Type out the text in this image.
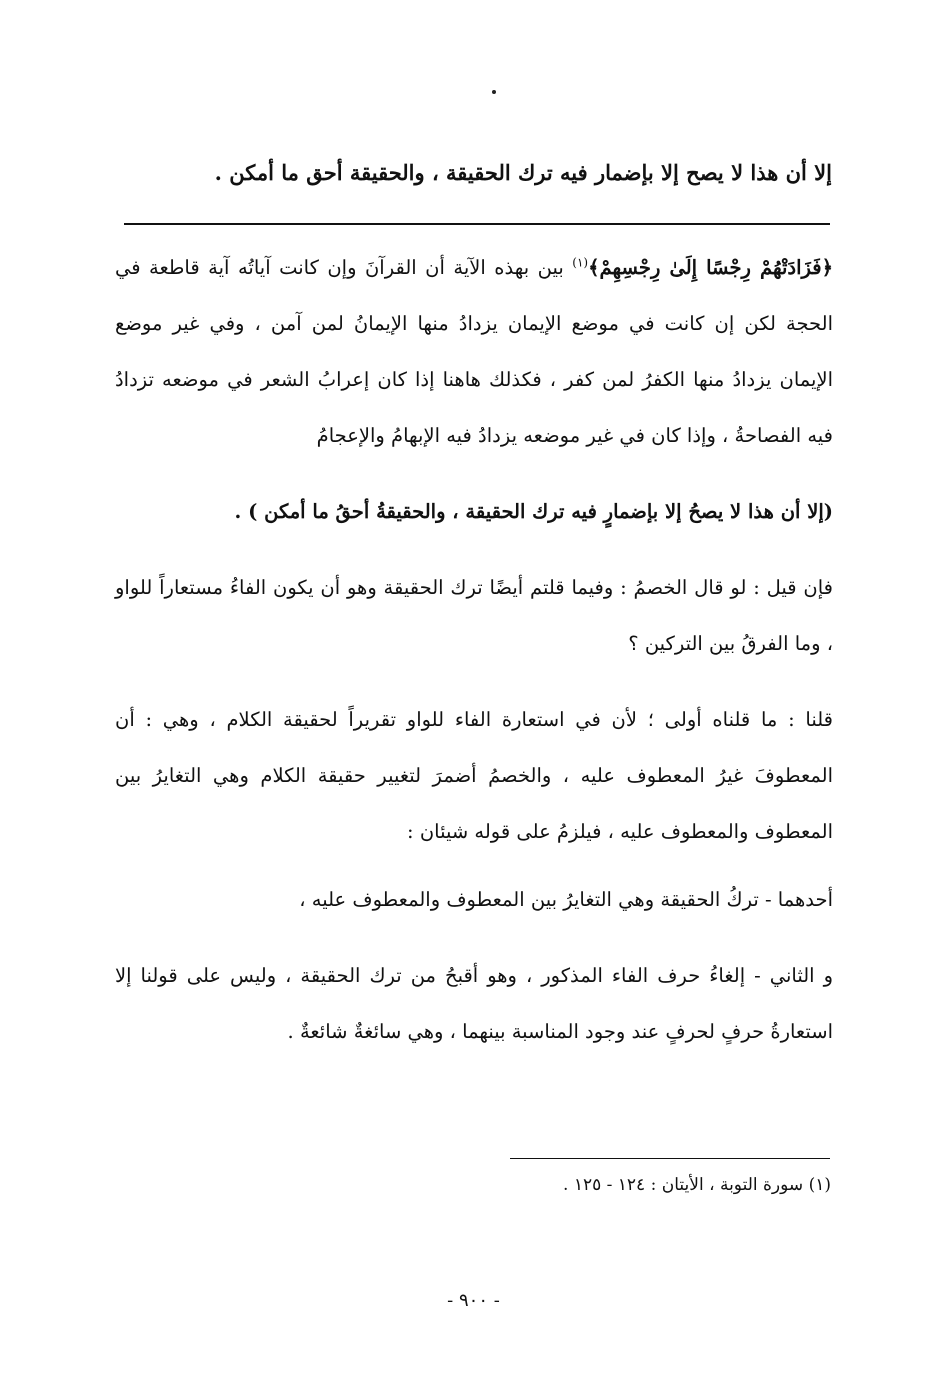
إلا أن هذا لا يصح إلا بإضمار فيه ترك الحقيقة ، والحقيقة أحق ما أمكن .

﴿فَزَادَتْهُمْ رِجْسًا إِلَىٰ رِجْسِهِمْ﴾$^{(١)}$ بين بهذه الآية أن القرآنَ وإن كانت آياتُه آية قاطعة في الحجة لكن إن كانت في موضع الإيمان يزدادُ منها الإيمانُ لمن آمن ، وفي غير موضع الإيمان يزدادُ منها الكفرُ لمن كفر ، فكذلك هاهنا إذا كان إعرابُ الشعر في موضعه تزدادُ فيه الفصاحةُ ، وإذا كان في غير موضعه يزدادُ فيه الإبهامُ والإعجامُ

(إلا أن هذا لا يصحُ إلا بإضمارٍ فيه ترك الحقيقة ، والحقيقةُ أحقُ ما أمكن ) .

فإن قيل : لو قال الخصمُ : وفيما قلتم أيضًا ترك الحقيقة وهو أن يكون الفاءُ مستعاراً للواو ، وما الفرقُ بين التركين ؟

قلنا : ما قلناه أولى ؛ لأن في استعارة الفاء للواو تقريراً لحقيقة الكلام ، وهي : أن المعطوفَ غيرُ المعطوف عليه ، والخصمُ أضمرَ لتغيير حقيقة الكلام وهي التغايرُ بين المعطوف والمعطوف عليه ، فيلزمُ على قوله شيئان :

أحدهما - تركُ الحقيقة وهي التغايرُ بين المعطوف والمعطوف عليه ،

و الثاني - إلغاءُ حرف الفاء المذكور ، وهو أقبحُ من ترك الحقيقة ، وليس على قولنا إلا استعارةُ حرفٍ لحرفٍ عند وجود المناسبة بينهما ، وهي سائغةٌ شائعةٌ .

(١) سورة التوبة ، الأيتان : ١٢٤ - ١٢٥ .
- ٩٠٠ -
